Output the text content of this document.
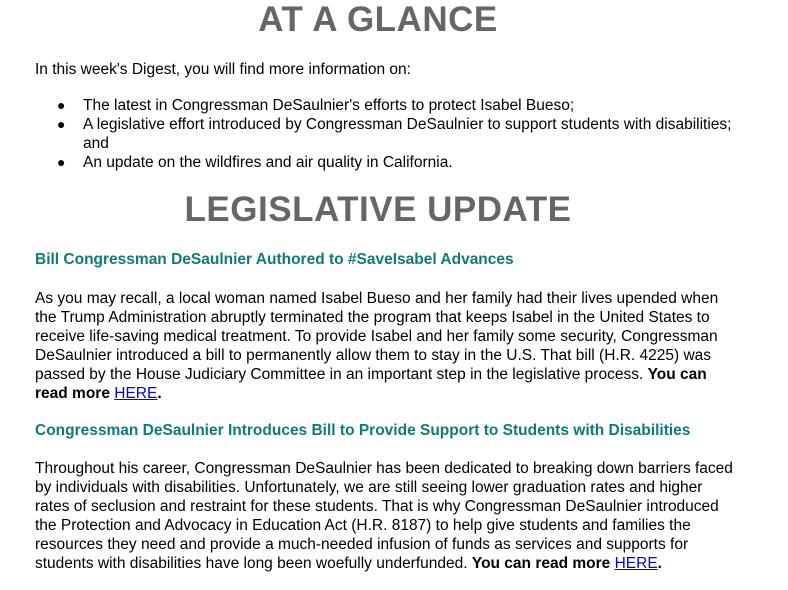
AT A GLANCE

In this week's Digest, you will find more information on:

● The latest in Congressman DeSaulnier's efforts to protect Isabel Bueso;
● A legislative effort introduced by Congressman DeSaulnier to support students with disabilities; and
● An update on the wildfires and air quality in California.
LEGISLATIVE UPDATE

Bill Congressman DeSaulnier Authored to #SaveIsabel Advances

As you may recall, a local woman named Isabel Bueso and her family had their lives upended when the Trump Administration abruptly terminated the program that keeps Isabel in the United States to receive life-saving medical treatment. To provide Isabel and her family some security, Congressman DeSaulnier introduced a bill to permanently allow them to stay in the U.S. That bill (H.R. 4225) was passed by the House Judiciary Committee in an important step in the legislative process. You can read more HERE.

Congressman DeSaulnier Introduces Bill to Provide Support to Students with Disabilities

Throughout his career, Congressman DeSaulnier has been dedicated to breaking down barriers faced by individuals with disabilities. Unfortunately, we are still seeing lower graduation rates and higher rates of seclusion and restraint for these students. That is why Congressman DeSaulnier introduced the Protection and Advocacy in Education Act (H.R. 8187) to help give students and families the resources they need and provide a much-needed infusion of funds as services and supports for students with disabilities have long been woefully underfunded. You can read more HERE.
